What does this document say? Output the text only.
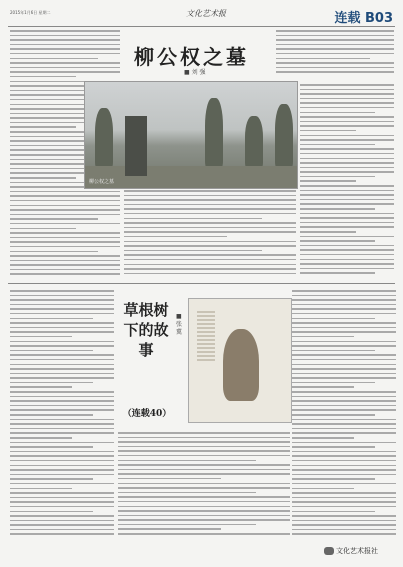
2015年1月6日 星期二	文化艺术报	连载 B03
柳公权之墓
■ 刘 强
柳公权之墓
草根树下的故事
（连载40）
■ 张冀
文化艺术报社
